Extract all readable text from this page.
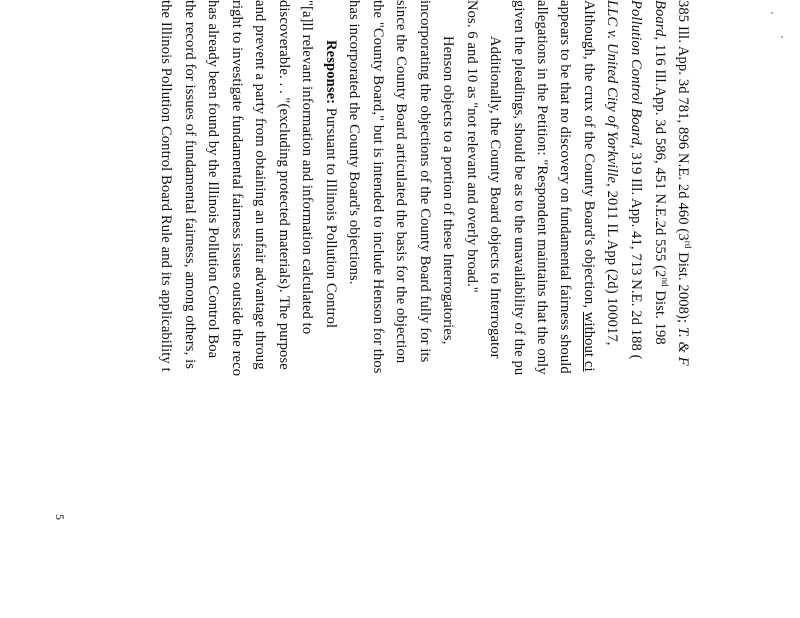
385 Ill. App. 3d 781, 896 N.E. 2d 460 (3rd Dist. 2008); T. & F
Board, 116 Ill.App. 3d 586, 451 N.E.2d 555 (2nd Dist. 198
Pollution Control Board, 319 Ill. App. 41, 713 N.E. 2d 188 (
LLC v. United City of Yorkville, 2011 IL App (2d) 100017,
Although, the crux of the County Board's objection, without ci
appears to be that no discovery on fundamental fairness should
allegations in the Petition: "Respondent maintains that the only
given the pleadings, should be as to the unavailability of the pu
Additionally, the County Board objects to Interrogator
Nos. 6 and 10 as "not relevant and overly broad."
Henson objects to a portion of these Interrogatories,
incorporating the objections of the County Board fully for its
since the County Board articulated the basis for the objection
the "County Board," but is intended to include Henson for thos
has incorporated the County Board's objections.
Response: Pursuant to Illinois Pollution Control
"[a]ll relevant information and information calculated to
discoverable. . . "(excluding protected materials). The purpose
and prevent a party from obtaining an unfair advantage throug
right to investigate fundamental fairness issues outside the reco
has already been found by the Illinois Pollution Control Boa
the record for issues of fundamental fairness, among others, is
the Illinois Pollution Control Board Rule and its applicability t
5
